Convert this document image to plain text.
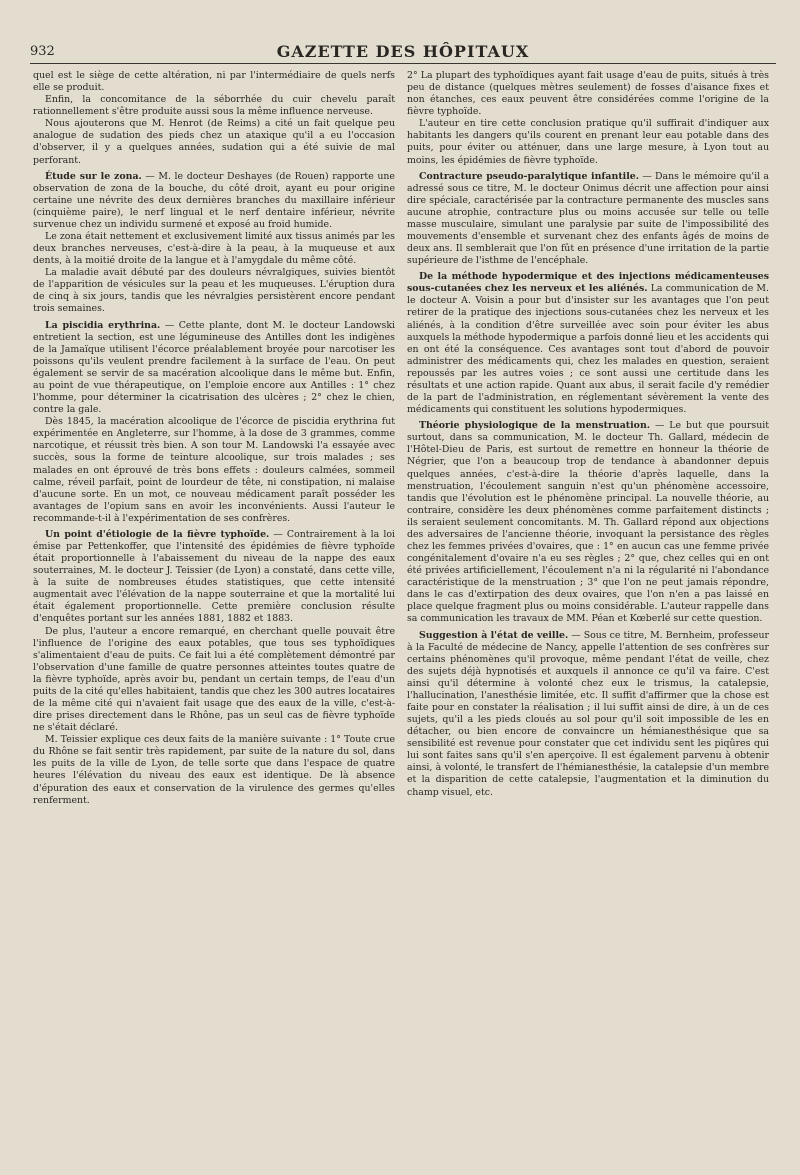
932	GAZETTE DES HÔPITAUX

quel est le siège de cette altération, ni par l'intermédiaire de quels nerfs elle se produit.

Enfin, la concomitance de la séborrhée du cuir chevelu paraît rationnellement s'être produite aussi sous la même influence nerveuse.

Nous ajouterons que M. Henrot (de Reims) a cité un fait quelque peu analogue de sudation des pieds chez un ataxique qu'il a eu l'occasion d'observer, il y a quelques années, sudation qui a été suivie de mal perforant.

Étude sur le zona. — M. le docteur Deshayes (de Rouen) rapporte une observation de zona de la bouche, du côté droit, ayant eu pour origine certaine une névrite des deux dernières branches du maxillaire inférieur (cinquième paire), le nerf lingual et le nerf dentaire inférieur, névrite survenue chez un individu surmené et exposé au froid humide.

Le zona était nettement et exclusivement limité aux tissus animés par les deux branches nerveuses, c'est-à-dire à la peau, à la muqueuse et aux dents, à la moitié droite de la langue et à l'amygdale du même côté.

La maladie avait débuté par des douleurs névralgiques, suivies bientôt de l'apparition de vésicules sur la peau et les muqueuses. L'éruption dura de cinq à six jours, tandis que les névralgies persistèrent encore pendant trois semaines.

La piscidia erythrina. — Cette plante, dont M. le docteur Landowski entretient la section, est une légumineuse des Antilles dont les indigènes de la Jamaïque utilisent l'écorce préalablement broyée pour narcotiser les poissons qu'ils veulent prendre facilement à la surface de l'eau. On peut également se servir de sa macération alcoolique dans le même but. Enfin, au point de vue thérapeutique, on l'emploie encore aux Antilles : 1° chez l'homme, pour déterminer la cicatrisation des ulcères ; 2° chez le chien, contre la gale.

Dès 1845, la macération alcoolique de l'écorce de piscidia erythrina fut expérimentée en Angleterre, sur l'homme, à la dose de 3 grammes, comme narcotique, et réussit très bien. A son tour M. Landowski l'a essayée avec succès, sous la forme de teinture alcoolique, sur trois malades ; ses malades en ont éprouvé de très bons effets : douleurs calmées, sommeil calme, réveil parfait, point de lourdeur de tête, ni constipation, ni malaise d'aucune sorte. En un mot, ce nouveau médicament paraît posséder les avantages de l'opium sans en avoir les inconvénients. Aussi l'auteur le recommande-t-il à l'expérimentation de ses confrères.

Un point d'étiologie de la fièvre typhoïde. — Contrairement à la loi émise par Pettenkoffer, que l'intensité des épidémies de fièvre typhoïde était proportionnelle à l'abaissement du niveau de la nappe des eaux souterraines, M. le docteur J. Teissier (de Lyon) a constaté, dans cette ville, à la suite de nombreuses études statistiques, que cette intensité augmentait avec l'élévation de la nappe souterraine et que la mortalité lui était également proportionnelle. Cette première conclusion résulte d'enquêtes portant sur les années 1881, 1882 et 1883.

De plus, l'auteur a encore remarqué, en cherchant quelle pouvait être l'influence de l'origine des eaux potables, que tous ses typhoïdiques s'alimentaient d'eau de puits. Ce fait lui a été complètement démontré par l'observation d'une famille de quatre personnes atteintes toutes quatre de la fièvre typhoïde, après avoir bu, pendant un certain temps, de l'eau d'un puits de la cité qu'elles habitaient, tandis que chez les 300 autres locataires de la même cité qui n'avaient fait usage que des eaux de la ville, c'est-à-dire prises directement dans le Rhône, pas un seul cas de fièvre typhoïde ne s'était déclaré.

M. Teissier explique ces deux faits de la manière suivante : 1° Toute crue du Rhône se fait sentir très rapidement, par suite de la nature du sol, dans les puits de la ville de Lyon, de telle sorte que dans l'espace de quatre heures l'élévation du niveau des eaux est identique. De là absence d'épuration des eaux et conservation de la virulence des germes qu'elles renferment.

2° La plupart des typhoïdiques ayant fait usage d'eau de puits, situés à très peu de distance (quelques mètres seulement) de fosses d'aisance fixes et non étanches, ces eaux peuvent être considérées comme l'origine de la fièvre typhoïde.

L'auteur en tire cette conclusion pratique qu'il suffirait d'indiquer aux habitants les dangers qu'ils courent en prenant leur eau potable dans des puits, pour éviter ou atténuer, dans une large mesure, à Lyon tout au moins, les épidémies de fièvre typhoïde.

Contracture pseudo-paralytique infantile. — Dans le mémoire qu'il a adressé sous ce titre, M. le docteur Onimus décrit une affection pour ainsi dire spéciale, caractérisée par la contracture permanente des muscles sans aucune atrophie, contracture plus ou moins accusée sur telle ou telle masse musculaire, simulant une paralysie par suite de l'impossibilité des mouvements d'ensemble et survenant chez des enfants âgés de moins de deux ans. Il semblerait que l'on fût en présence d'une irritation de la partie supérieure de l'isthme de l'encéphale.

De la méthode hypodermique et des injections médicamenteuses sous-cutanées chez les nerveux et les aliénés. La communication de M. le docteur A. Voisin a pour but d'insister sur les avantages que l'on peut retirer de la pratique des injections sous-cutanées chez les nerveux et les aliénés, à la condition d'être surveillée avec soin pour éviter les abus auxquels la méthode hypodermique a parfois donné lieu et les accidents qui en ont été la conséquence. Ces avantages sont tout d'abord de pouvoir administrer des médicaments qui, chez les malades en question, seraient repoussés par les autres voies ; ce sont aussi une certitude dans les résultats et une action rapide. Quant aux abus, il serait facile d'y remédier de la part de l'administration, en réglementant sévèrement la vente des médicaments qui constituent les solutions hypodermiques.

Théorie physiologique de la menstruation. — Le but que poursuit surtout, dans sa communication, M. le docteur Th. Gallard, médecin de l'Hôtel-Dieu de Paris, est surtout de remettre en honneur la théorie de Négrier, que l'on a beaucoup trop de tendance à abandonner depuis quelques années, c'est-à-dire la théorie d'après laquelle, dans la menstruation, l'écoulement sanguin n'est qu'un phénomène accessoire, tandis que l'évolution est le phénomène principal. La nouvelle théorie, au contraire, considère les deux phénomènes comme parfaitement distincts ; ils seraient seulement concomitants. M. Th. Gallard répond aux objections des adversaires de l'ancienne théorie, invoquant la persistance des règles chez les femmes privées d'ovaires, que : 1° en aucun cas une femme privée congénitalement d'ovaire n'a eu ses règles ; 2° que, chez celles qui en ont été privées artificiellement, l'écoulement n'a ni la régularité ni l'abondance caractéristique de la menstruation ; 3° que l'on ne peut jamais répondre, dans le cas d'extirpation des deux ovaires, que l'on n'en a pas laissé en place quelque fragment plus ou moins considérable. L'auteur rappelle dans sa communication les travaux de MM. Péan et Kœberlé sur cette question.

Suggestion à l'état de veille. — Sous ce titre, M. Bernheim, professeur à la Faculté de médecine de Nancy, appelle l'attention de ses confrères sur certains phénomènes qu'il provoque, même pendant l'état de veille, chez des sujets déjà hypnotisés et auxquels il annonce ce qu'il va faire. C'est ainsi qu'il détermine à volonté chez eux le trismus, la catalepsie, l'hallucination, l'anesthésie limitée, etc. Il suffit d'affirmer que la chose est faite pour en constater la réalisation ; il lui suffit ainsi de dire, à un de ces sujets, qu'il a les pieds cloués au sol pour qu'il soit impossible de les en détacher, ou bien encore de convaincre un hémianesthésique que sa sensibilité est revenue pour constater que cet individu sent les piqûres qui lui sont faites sans qu'il s'en aperçoive. Il est également parvenu à obtenir ainsi, à volonté, le transfert de l'hémianesthésie, la catalepsie d'un membre et la disparition de cette catalepsie, l'augmentation et la diminution du champ visuel, etc.
